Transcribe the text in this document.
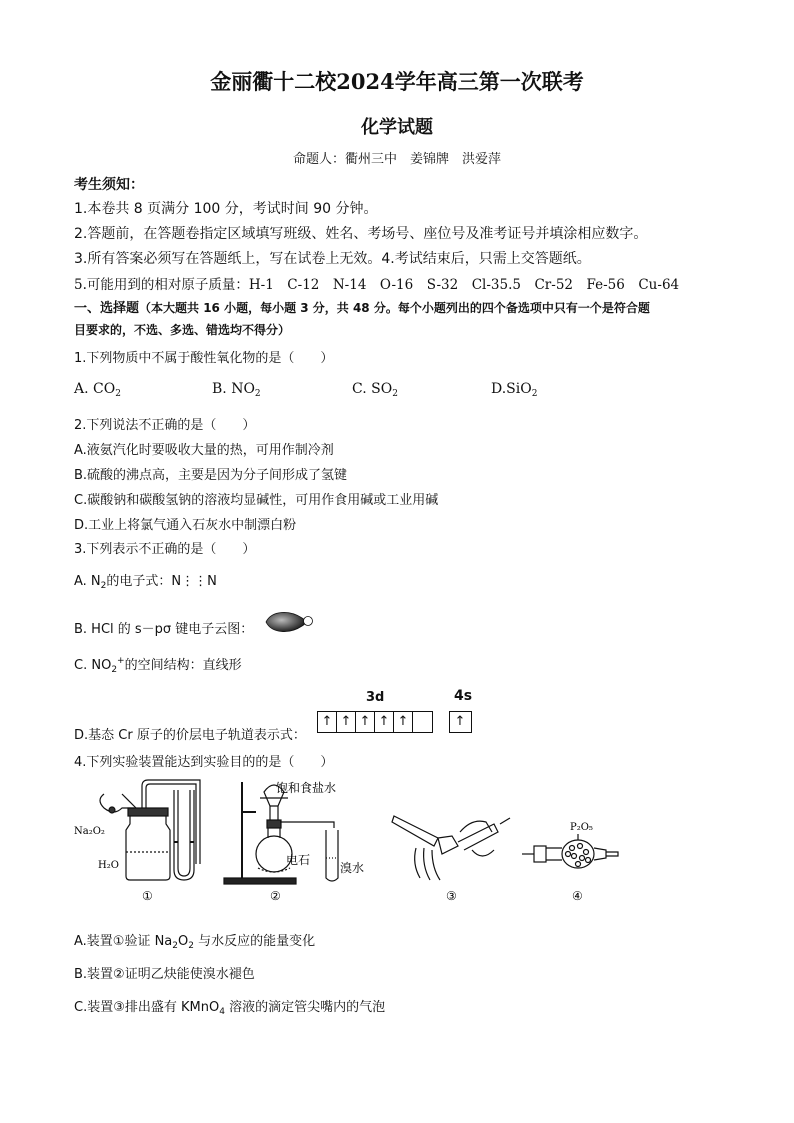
金丽衢十二校2024学年高三第一次联考
化学试题
命题人：衢州三中　姜锦牌　洪爱萍
考生须知：
1.本卷共 8 页满分 100 分，考试时间 90 分钟。
2.答题前，在答题卷指定区域填写班级、姓名、考场号、座位号及准考证号并填涂相应数字。
3.所有答案必须写在答题纸上，写在试卷上无效。4.考试结束后，只需上交答题纸。
5.可能用到的相对原子质量：H-1　C-12　N-14　O-16　S-32　Cl-35.5　Cr-52　Fe-56　Cu-64
一、选择题（本大题共 16 小题，每小题 3 分，共 48 分。每个小题列出的四个备选项中只有一个是符合题
目要求的，不选、多选、错选均不得分）
1.下列物质中不属于酸性氧化物的是（　　）
A. $CO_2$	B. $NO_2$	C. $SO_2$	D.SiO$_2$
2.下列说法不正确的是（　　）
A.液氨汽化时要吸收大量的热，可用作制冷剂
B.硫酸的沸点高，主要是因为分子间形成了氢键
C.碳酸钠和碳酸氢钠的溶液均显碱性，可用作食用碱或工业用碱
D.工业上将氯气通入石灰水中制漂白粉
3.下列表示不正确的是（　　）
A. $N_2$的电子式：N⋮⋮N
B. HCl 的 s－pσ 键电子云图：
C. $NO_2^+$的空间结构：直线形
D.基态 Cr 原子的价层电子轨道表示式：
3d	4s
↑ ↑ ↑ ↑ ↑	↑
4.下列实验装置能达到实验目的的是（　　）
Na₂O₂
H₂O
①
饱和食盐水
电石
溴水
②	③
P₂O₅
④
A.装置①验证 $Na_2O_2$ 与水反应的能量变化
B.装置②证明乙炔能使溴水褪色
C.装置③排出盛有 KMnO$_4$ 溶液的滴定管尖嘴内的气泡
